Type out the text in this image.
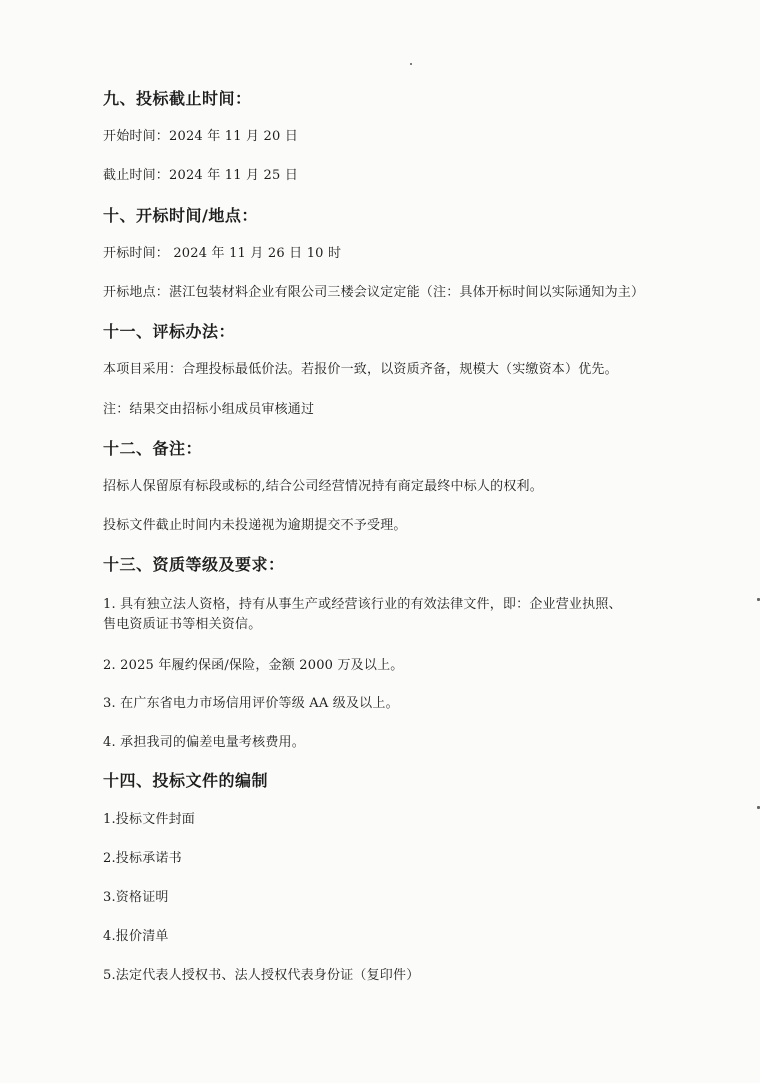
九、投标截止时间：
开始时间：2024 年 11 月 20 日
截止时间：2024 年 11 月 25 日
十、开标时间/地点：
开标时间： 2024 年 11 月 26 日 10 时
开标地点：湛江包装材料企业有限公司三楼会议定定能（注：具体开标时间以实际通知为主）
十一、评标办法：
本项目采用：合理投标最低价法。若报价一致，以资质齐备，规模大（实缴资本）优先。
注：结果交由招标小组成员审核通过
十二、备注：
招标人保留原有标段或标的,结合公司经营情况持有商定最终中标人的权利。
投标文件截止时间内未投递视为逾期提交不予受理。
十三、资质等级及要求：
1. 具有独立法人资格，持有从事生产或经营该行业的有效法律文件，即：企业营业执照、
售电资质证书等相关资信。
2. 2025 年履约保函/保险，金额 2000 万及以上。
3. 在广东省电力市场信用评价等级 AA 级及以上。
4. 承担我司的偏差电量考核费用。
十四、投标文件的编制
1.投标文件封面
2.投标承诺书
3.资格证明
4.报价清单
5.法定代表人授权书、法人授权代表身份证（复印件）
